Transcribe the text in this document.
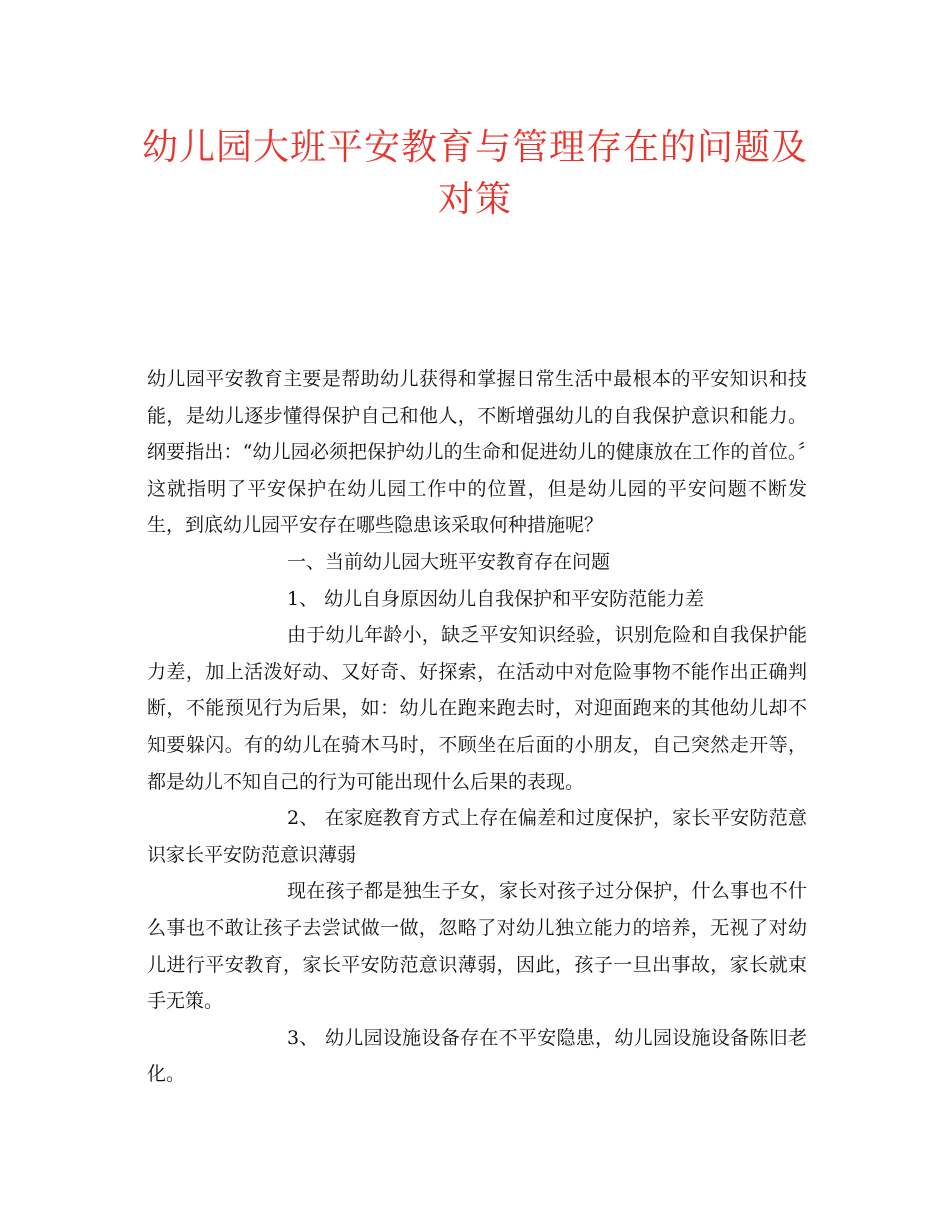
幼儿园大班平安教育与管理存在的问题及对策

幼儿园平安教育主要是帮助幼儿获得和掌握日常生活中最根本的平安知识和技能，是幼儿逐步懂得保护自己和他人，不断增强幼儿的自我保护意识和能力。纲要指出：“幼儿园必须把保护幼儿的生命和促进幼儿的健康放在工作的首位。〞这就指明了平安保护在幼儿园工作中的位置，但是幼儿园的平安问题不断发生，到底幼儿园平安存在哪些隐患该采取何种措施呢？

一、当前幼儿园大班平安教育存在问题

1、 幼儿自身原因幼儿自我保护和平安防范能力差

由于幼儿年龄小，缺乏平安知识经验，识别危险和自我保护能力差，加上活泼好动、又好奇、好探索，在活动中对危险事物不能作出正确判断，不能预见行为后果，如：幼儿在跑来跑去时，对迎面跑来的其他幼儿却不知要躲闪。有的幼儿在骑木马时，不顾坐在后面的小朋友，自己突然走开等，都是幼儿不知自己的行为可能出现什么后果的表现。

2、 在家庭教育方式上存在偏差和过度保护，家长平安防范意识家长平安防范意识薄弱

现在孩子都是独生子女，家长对孩子过分保护，什么事也不什么事也不敢让孩子去尝试做一做，忽略了对幼儿独立能力的培养，无视了对幼儿进行平安教育，家长平安防范意识薄弱，因此，孩子一旦出事故，家长就束手无策。

3、 幼儿园设施设备存在不平安隐患，幼儿园设施设备陈旧老化。
